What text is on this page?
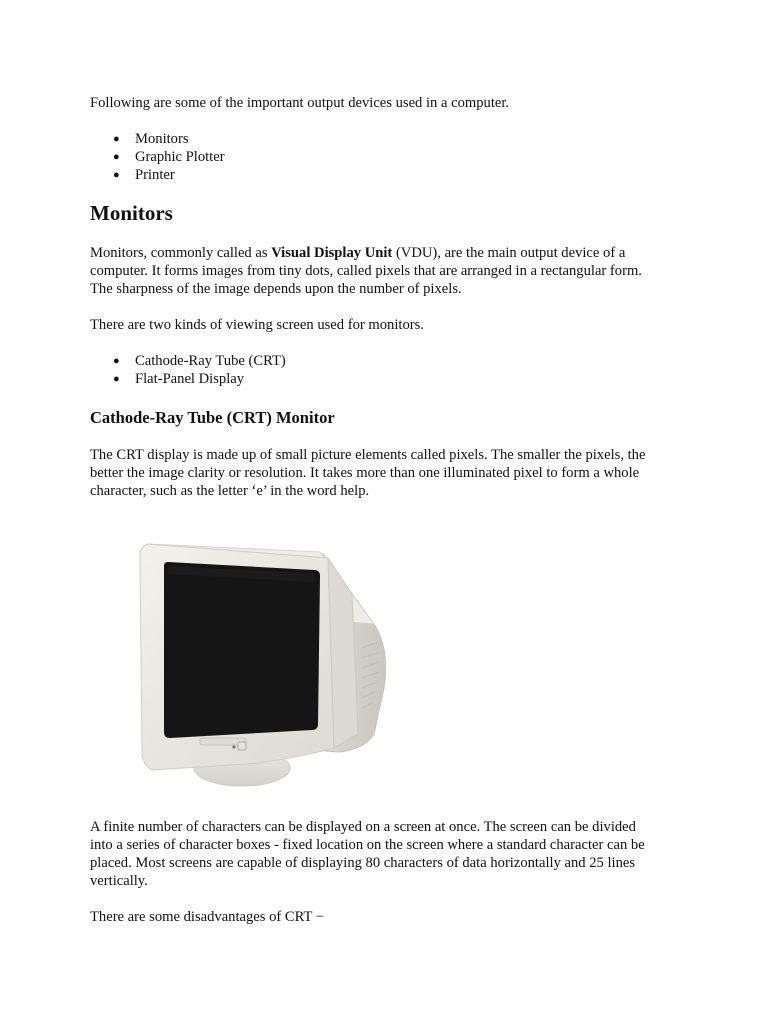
Following are some of the important output devices used in a computer.

● Monitors
● Graphic Plotter
● Printer
Monitors

Monitors, commonly called as Visual Display Unit (VDU), are the main output device of a
computer. It forms images from tiny dots, called pixels that are arranged in a rectangular form.
The sharpness of the image depends upon the number of pixels.

There are two kinds of viewing screen used for monitors.

● Cathode-Ray Tube (CRT)
● Flat-Panel Display
Cathode-Ray Tube (CRT) Monitor

The CRT display is made up of small picture elements called pixels. The smaller the pixels, the
better the image clarity or resolution. It takes more than one illuminated pixel to form a whole
character, such as the letter ‘e’ in the word help.

A finite number of characters can be displayed on a screen at once. The screen can be divided
into a series of character boxes - fixed location on the screen where a standard character can be
placed. Most screens are capable of displaying 80 characters of data horizontally and 25 lines
vertically.

There are some disadvantages of CRT −
